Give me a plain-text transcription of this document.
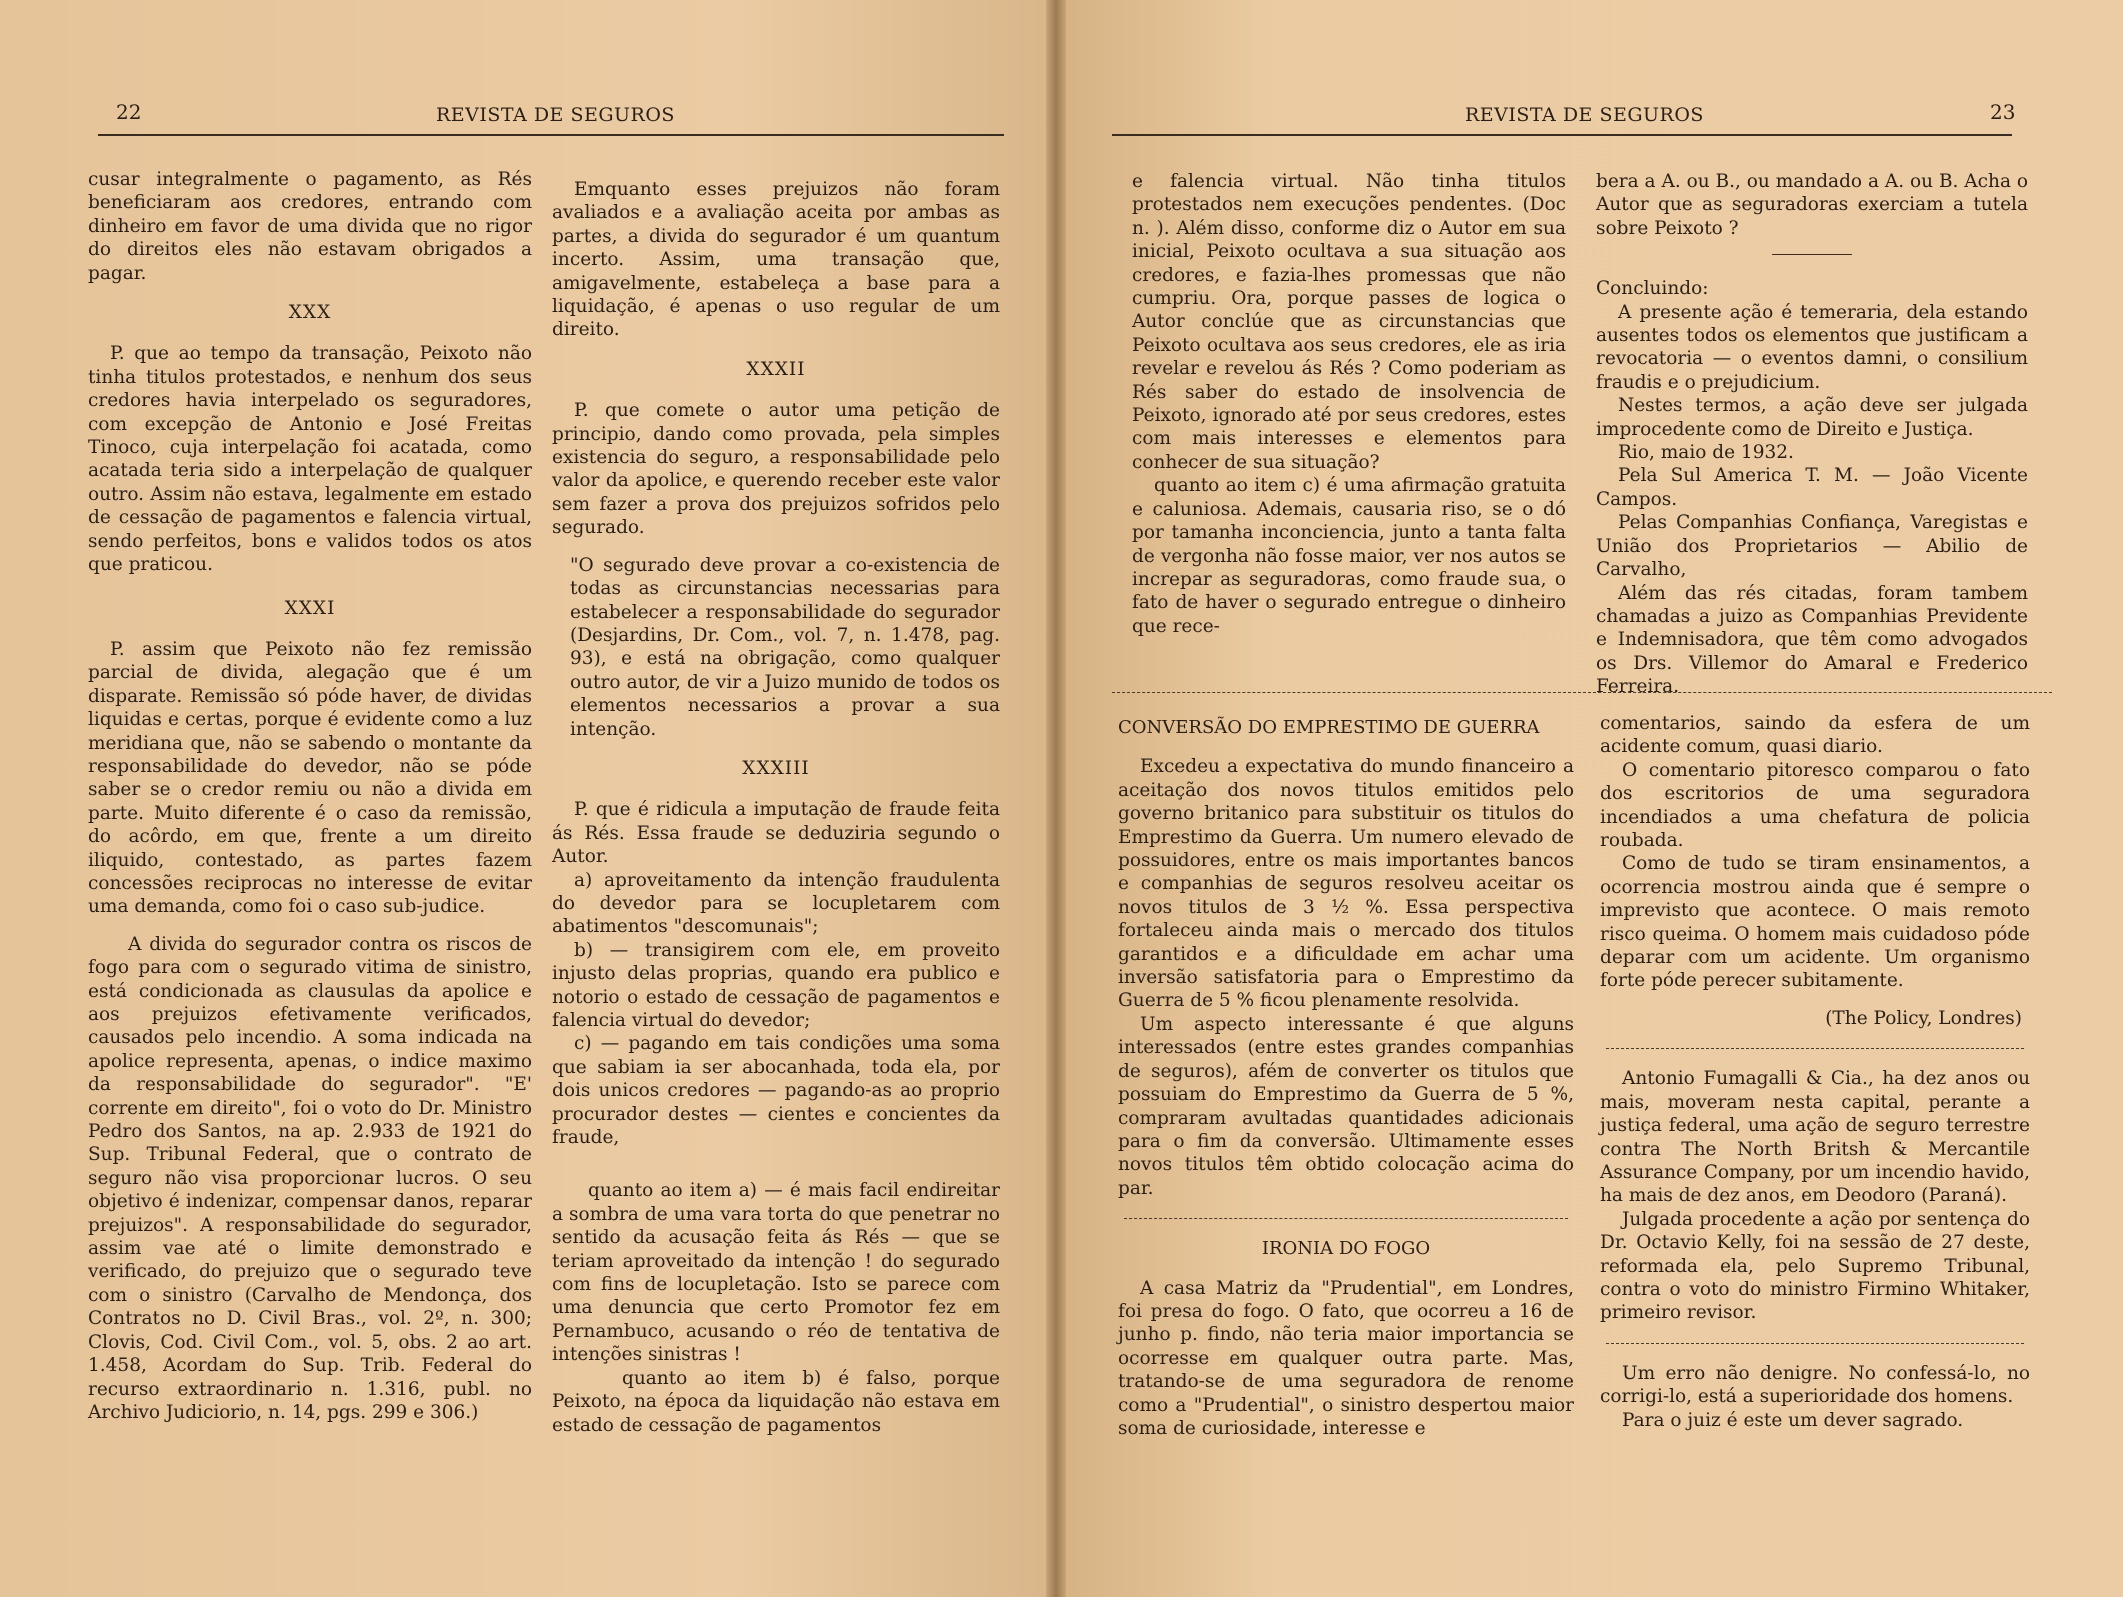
22	REVISTA DE SEGUROS

cusar integralmente o pagamento, as Rés beneficiaram aos credores, entrando com dinheiro em favor de uma divida que no rigor do direitos eles não estavam obrigados a pagar.

XXX

P. que ao tempo da transação, Peixoto não tinha titulos protestados, e nenhum dos seus credores havia interpelado os seguradores, com excepção de Antonio e José Freitas Tinoco, cuja interpelação foi acatada, como acatada teria sido a interpelação de qualquer outro. Assim não estava, legalmente em estado de cessação de pagamentos e falencia virtual, sendo perfeitos, bons e validos todos os atos que praticou.

XXXI

P. assim que Peixoto não fez remissão parcial de divida, alegação que é um disparate. Remissão só póde haver, de dividas liquidas e certas, porque é evidente como a luz meridiana que, não se sabendo o montante da responsabilidade do devedor, não se póde saber se o credor remiu ou não a divida em parte. Muito diferente é o caso da remissão, do acôrdo, em que, frente a um direito iliquido, contestado, as partes fazem concessões reciprocas no interesse de evitar uma demanda, como foi o caso sub-judice.

A divida do segurador contra os riscos de fogo para com o segurado vitima de sinistro, está condicionada as clausulas da apolice e aos prejuizos efetivamente verificados, causados pelo incendio. A soma indicada na apolice representa, apenas, o indice maximo da responsabilidade do segurador". "E' corrente em direito", foi o voto do Dr. Ministro Pedro dos Santos, na ap. 2.933 de 1921 do Sup. Tribunal Federal, que o contrato de seguro não visa proporcionar lucros. O seu objetivo é indenizar, compensar danos, reparar prejuizos". A responsabilidade do segurador, assim vae até o limite demonstrado e verificado, do prejuizo que o segurado teve com o sinistro (Carvalho de Mendonça, dos Contratos no D. Civil Bras., vol. 2º, n. 300; Clovis, Cod. Civil Com., vol. 5, obs. 2 ao art. 1.458, Acordam do Sup. Trib. Federal do recurso extraordinario n. 1.316, publ. no Archivo Judiciorio, n. 14, pgs. 299 e 306.)

Emquanto esses prejuizos não foram avaliados e a avaliação aceita por ambas as partes, a divida do segurador é um quantum incerto. Assim, uma transação que, amigavelmente, estabeleça a base para a liquidação, é apenas o uso regular de um direito.

XXXII

P. que comete o autor uma petição de principio, dando como provada, pela simples existencia do seguro, a responsabilidade pelo valor da apolice, e querendo receber este valor sem fazer a prova dos prejuizos sofridos pelo segurado.

"O segurado deve provar a co-existencia de todas as circunstancias necessarias para estabelecer a responsabilidade do segurador (Desjardins, Dr. Com., vol. 7, n. 1.478, pag. 93), e está na obrigação, como qualquer outro autor, de vir a Juizo munido de todos os elementos necessarios a provar a sua intenção.

XXXIII

P. que é ridicula a imputação de fraude feita ás Rés. Essa fraude se deduziria segundo o Autor.

a) aproveitamento da intenção fraudulenta do devedor para se locupletarem com abatimentos "descomunais";

b) — transigirem com ele, em proveito injusto delas proprias, quando era publico e notorio o estado de cessação de pagamentos e falencia virtual do devedor;

c) — pagando em tais condições uma soma que sabiam ia ser abocanhada, toda ela, por dois unicos credores — pagando-as ao proprio procurador destes — cientes e concientes da fraude,

quanto ao item a) — é mais facil endireitar a sombra de uma vara torta do que penetrar no sentido da acusação feita ás Rés — que se teriam aproveitado da intenção ! do segurado com fins de locupletação. Isto se parece com uma denuncia que certo Promotor fez em Pernambuco, acusando o réo de tentativa de intenções sinistras !

quanto ao item b) é falso, porque Peixoto, na época da liquidação não estava em estado de cessação de pagamentos

REVISTA DE SEGUROS	23

e falencia virtual. Não tinha titulos protestados nem execuções pendentes. (Doc n. ). Além disso, conforme diz o Autor em sua inicial, Peixoto ocultava a sua situação aos credores, e fazia-lhes promessas que não cumpriu. Ora, porque passes de logica o Autor conclúe que as circunstancias que Peixoto ocultava aos seus credores, ele as iria revelar e revelou ás Rés ? Como poderiam as Rés saber do estado de insolvencia de Peixoto, ignorado até por seus credores, estes com mais interesses e elementos para conhecer de sua situação?

quanto ao item c) é uma afirmação gratuita e caluniosa. Ademais, causaria riso, se o dó por tamanha inconciencia, junto a tanta falta de vergonha não fosse maior, ver nos autos se increpar as seguradoras, como fraude sua, o fato de haver o segurado entregue o dinheiro que rece-

bera a A. ou B., ou mandado a A. ou B. Acha o Autor que as seguradoras exerciam a tutela sobre Peixoto ?

Concluindo:

A presente ação é temeraria, dela estando ausentes todos os elementos que justificam a revocatoria — o eventos damni, o consilium fraudis e o prejudicium.

Nestes termos, a ação deve ser julgada improcedente como de Direito e Justiça.

Rio, maio de 1932.

Pela Sul America T. M. — João Vicente Campos.

Pelas Companhias Confiança, Varegistas e União dos Proprietarios — Abilio de Carvalho,

Além das rés citadas, foram tambem chamadas a juizo as Companhias Previdente e Indemnisadora, que têm como advogados os Drs. Villemor do Amaral e Frederico Ferreira.

CONVERSÃO DO EMPRESTIMO DE GUERRA

Excedeu a expectativa do mundo financeiro a aceitação dos novos titulos emitidos pelo governo britanico para substituir os titulos do Emprestimo da Guerra. Um numero elevado de possuidores, entre os mais importantes bancos e companhias de seguros resolveu aceitar os novos titulos de 3 ½ %. Essa perspectiva fortaleceu ainda mais o mercado dos titulos garantidos e a dificuldade em achar uma inversão satisfatoria para o Emprestimo da Guerra de 5 % ficou plenamente resolvida.

Um aspecto interessante é que alguns interessados (entre estes grandes companhias de seguros), afém de converter os titulos que possuiam do Emprestimo da Guerra de 5 %, compraram avultadas quantidades adicionais para o fim da conversão. Ultimamente esses novos titulos têm obtido colocação acima do par.

IRONIA DO FOGO

A casa Matriz da "Prudential", em Londres, foi presa do fogo. O fato, que ocorreu a 16 de junho p. findo, não teria maior importancia se ocorresse em qualquer outra parte. Mas, tratando-se de uma seguradora de renome como a "Prudential", o sinistro despertou maior soma de curiosidade, interesse e

comentarios, saindo da esfera de um acidente comum, quasi diario.

O comentario pitoresco comparou o fato dos escritorios de uma seguradora incendiados a uma chefatura de policia roubada.

Como de tudo se tiram ensinamentos, a ocorrencia mostrou ainda que é sempre o imprevisto que acontece. O mais remoto risco queima. O homem mais cuidadoso póde deparar com um acidente. Um organismo forte póde perecer subitamente.

(The Policy, Londres)

Antonio Fumagalli & Cia., ha dez anos ou mais, moveram nesta capital, perante a justiça federal, uma ação de seguro terrestre contra The North Britsh & Mercantile Assurance Company, por um incendio havido, ha mais de dez anos, em Deodoro (Paraná).

Julgada procedente a ação por sentença do Dr. Octavio Kelly, foi na sessão de 27 deste, reformada ela, pelo Supremo Tribunal, contra o voto do ministro Firmino Whitaker, primeiro revisor.

Um erro não denigre. No confessá-lo, no corrigi-lo, está a superioridade dos homens.

Para o juiz é este um dever sagrado.
